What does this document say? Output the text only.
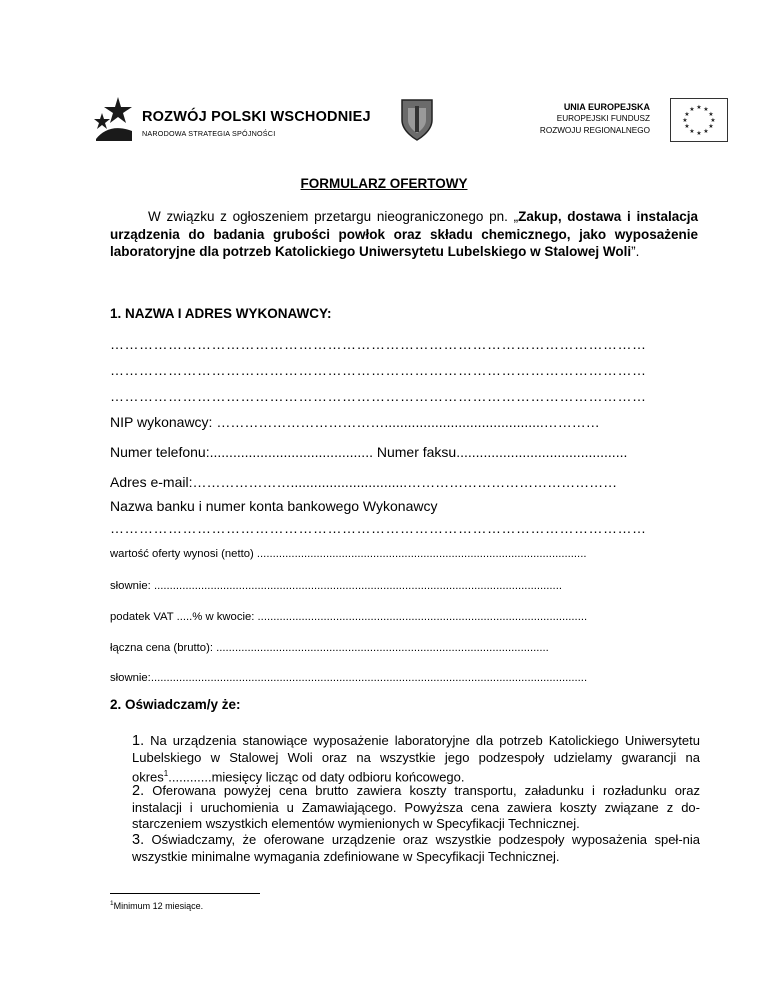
ROZWÓJ POLSKI WSCHODNIEJ
NARODOWA STRATEGIA SPÓJNOŚCI
UNIA EUROPEJSKA
EUROPEJSKI FUNDUSZ
ROZWOJU REGIONALNEGO
★ ★
★
★
★
★
★
★
★
★
★
★
FORMULARZ OFERTOWY
W związku z ogłoszeniem przetargu nieograniczonego pn. „Zakup, dostawa i instalacja urządzenia do badania grubości powłok oraz składu chemicznego, jako wyposażenie laboratoryjne dla potrzeb Katolickiego Uniwersytetu Lubelskiego w Stalowej Woli”.
1. NAZWA I ADRES WYKONAWCY:
…………………………………………………………………………………………………
…………………………………………………………………………………………………
…………………………………………………………………………………………………
NIP wykonawcy: ……………………………….........................................…………
Numer telefonu:.......................................... Numer faksu............................................
Adres e-mail:…………………..............................………………………………………
Nazwa banku i numer konta bankowego Wykonawcy
…………………………………………………………………………………………………
wartość oferty wynosi (netto) .........................................................................................................
słownie: ..................................................................................................................................
podatek VAT .....% w kwocie: .........................................................................................................
łączna cena (brutto): ..........................................................................................................
słownie:...........................................................................................................................................
2. Oświadczam/y że:
1. Na urządzenia stanowiące wyposażenie laboratoryjne dla potrzeb Katolickiego Uniwersytetu Lubelskiego w Stalowej Woli oraz na wszystkie jego podzespoły udzielamy gwarancji na okres$^1$............miesięcy licząc od daty odbioru końcowego.
2. Oferowana powyżej cena brutto zawiera koszty transportu, załadunku i rozładunku oraz instalacji i uruchomienia u Zamawiającego. Powyższa cena zawiera koszty związane z do-starczeniem wszystkich elementów wymienionych w Specyfikacji Technicznej.
3. Oświadczamy, że oferowane urządzenie oraz wszystkie podzespoły wyposażenia speł-nia wszystkie minimalne wymagania zdefiniowane w Specyfikacji Technicznej.
$^1$Minimum 12 miesiące.
